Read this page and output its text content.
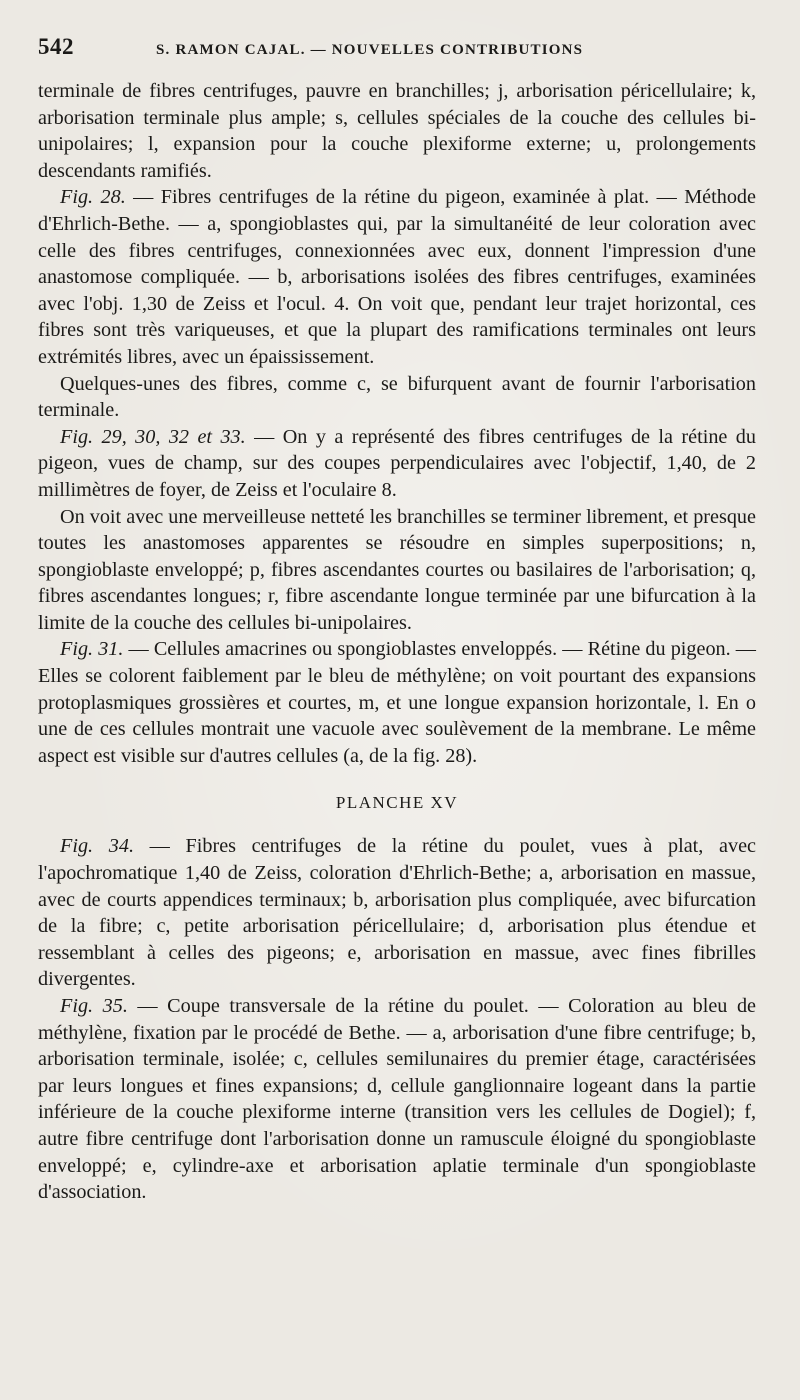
542	S. RAMON CAJAL. — NOUVELLES CONTRIBUTIONS

terminale de fibres centrifuges, pauvre en branchilles; j, arborisation péricellulaire; k, arborisation terminale plus ample; s, cellules spéciales de la couche des cellules bi-unipolaires; l, expansion pour la couche plexiforme externe; u, prolongements descendants ramifiés.

Fig. 28. — Fibres centrifuges de la rétine du pigeon, examinée à plat. — Méthode d'Ehrlich-Bethe. — a, spongioblastes qui, par la simultanéité de leur coloration avec celle des fibres centrifuges, connexionnées avec eux, donnent l'impression d'une anastomose compliquée. — b, arborisations isolées des fibres centrifuges, examinées avec l'obj. 1,30 de Zeiss et l'ocul. 4. On voit que, pendant leur trajet horizontal, ces fibres sont très variqueuses, et que la plupart des ramifications terminales ont leurs extrémités libres, avec un épaississement.

Quelques-unes des fibres, comme c, se bifurquent avant de fournir l'arborisation terminale.

Fig. 29, 30, 32 et 33. — On y a représenté des fibres centrifuges de la rétine du pigeon, vues de champ, sur des coupes perpendiculaires avec l'objectif, 1,40, de 2 millimètres de foyer, de Zeiss et l'oculaire 8.

On voit avec une merveilleuse netteté les branchilles se terminer librement, et presque toutes les anastomoses apparentes se résoudre en simples superpositions; n, spongioblaste enveloppé; p, fibres ascendantes courtes ou basilaires de l'arborisation; q, fibres ascendantes longues; r, fibre ascendante longue terminée par une bifurcation à la limite de la couche des cellules bi-unipolaires.

Fig. 31. — Cellules amacrines ou spongioblastes enveloppés. — Rétine du pigeon. — Elles se colorent faiblement par le bleu de méthylène; on voit pourtant des expansions protoplasmiques grossières et courtes, m, et une longue expansion horizontale, l. En o une de ces cellules montrait une vacuole avec soulèvement de la membrane. Le même aspect est visible sur d'autres cellules (a, de la fig. 28).

PLANCHE XV

Fig. 34. — Fibres centrifuges de la rétine du poulet, vues à plat, avec l'apochromatique 1,40 de Zeiss, coloration d'Ehrlich-Bethe; a, arborisation en massue, avec de courts appendices terminaux; b, arborisation plus compliquée, avec bifurcation de la fibre; c, petite arborisation péricellulaire; d, arborisation plus étendue et ressemblant à celles des pigeons; e, arborisation en massue, avec fines fibrilles divergentes.

Fig. 35. — Coupe transversale de la rétine du poulet. — Coloration au bleu de méthylène, fixation par le procédé de Bethe. — a, arborisation d'une fibre centrifuge; b, arborisation terminale, isolée; c, cellules semilunaires du premier étage, caractérisées par leurs longues et fines expansions; d, cellule ganglionnaire logeant dans la partie inférieure de la couche plexiforme interne (transition vers les cellules de Dogiel); f, autre fibre centrifuge dont l'arborisation donne un ramuscule éloigné du spongioblaste enveloppé; e, cylindre-axe et arborisation aplatie terminale d'un spongioblaste d'association.
